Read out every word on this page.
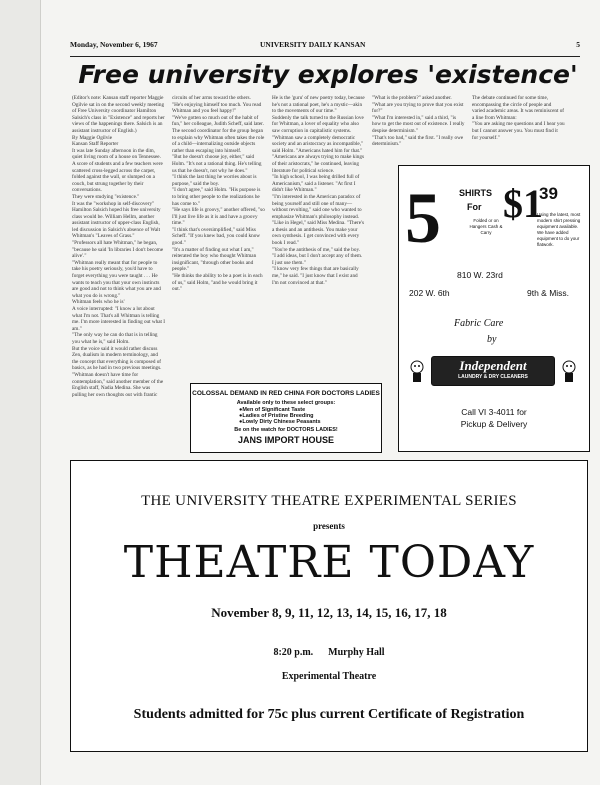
Monday, November 6, 1967	UNIVERSITY DAILY KANSAN	5
Free university explores 'existence'
(Editor's note: Kansan staff reporter Maggie Ogilvie sat in on the second weekly meeting of Free University coordinator Hamilton Salsich's class in "Existence" and reports her views of the happenings there. Salsich is an assistant instructor of English.)
By Maggie Ogilvie
Kansan Staff Reporter
It was late Sunday afternoon in the dim, quiet living room of a house on Tennessee. A score of students and a few teachers were scattered cross-legged across the carpet, folded against the wall, or slumped on a couch, but strung together by their conversations.
They were studying "existence."
It was the "workshop in self-discovery" Hamilton Salsich hoped his free university class would be. William Hellm, another assistant instructor of upper-class English, led discussion in Salsich's absence of Walt Whitman's "Leaves of Grass."
"Professors all hate Whitman," he began, "because he said 'In libraries I don't become alive'."
"Whitman really meant that for people to take his poetry seriously, you'd have to forget everything you were taught . . . He wants to teach you that your own instincts are good and not to think what you are and what you do is wrong."
Whitman feels who he is'
A voice interrupted: "I know a lot about what I'm not. That's all Whitman is telling me. I'm more interested in finding out what I am."
"The only way he can do that is in telling you what he is," said Holm.
But the voice said it would rather discuss Zen, dualism in modern terminology, and the concept that everything is composed of basics, as he had in two previous meetings.
"Whitman doesn't have time for contemplation," said another member of the English staff, Nadia Medina. She was pulling her own thoughts out with frantic
circuits of her arms toward the others.
"He's enjoying himself too much. You read Whitman and you feel happy!"
"We've gotten so much out of the habit of fun," her colleague, Judith Scheff, said later.
The second coordinator for the group began to explain why Whitman often takes the role of a child—internalizing outside objects rather than escaping into himself.
"But he doesn't choose joy, either," said Holm. "It's not a rational thing. He's telling us that he doesn't, not why he does."
"I think the last thing he worries about is purpose," said the boy.
"I don't agree," said Holm. "His purpose is to bring other people to the realizations he has come to."
"He says life is groovy," another offered, "so I'll just live life as it is and have a groovy time."
"I think that's oversimplified," said Miss Scheff. "If you knew bad, you could know good."
"It's a matter of finding out what I am," reiterated the boy who thought Whitman insignificant, "through other books and people."
"He thinks the ability to be a poet is in each of us," said Holm, "and he would bring it out."
He is the 'guru' of new poetry today, because he's not a rational poet, he's a mystic—akin to the movements of our time."
Suddenly the talk turned to the Russian love for Whitman, a lover of equality who also saw corruption in capitalistic systems.
"Whitman saw a completely democratic society and an aristocracy as incompatible," said Holm. "Americans hated him for that."
"Americans are always trying to make kings of their aristocrats," he continued, leaving literature for political science.
"In high school, I was being drilled full of Americanism," said a listener. "At first I didn't like Whitman."
"I'm interested in the American paradox of being yourself and still one of many—without revolting," said one who wanted to emphasize Whitman's philosophy instead.
"Like in Hegel," said Miss Medina. "There's a thesis and an antithesis. You make your own synthesis. I get convinced with every book I read."
"You're the antithesis of me," said the boy. "I add ideas, but I don't accept any of them. I just use them."
"I know very few things that are basically me," he said. "I just know that I exist and I'm not convinced at that."
"What is the problem?" asked another. "What are you trying to prove that you exist for?"
"What I'm interested in," said a third, "is how to get the most out of existence. I really despise determinism."
"That's too bad," said the first. "I really owe determinism."
The debate continued for some time, encompassing the circle of people and varied academic areas. It was reminiscent of a line from Whitman:
"You are asking me questions and I hear you but I cannot answer you. You must find it for yourself."
COLOSSAL DEMAND IN RED CHINA FOR DOCTORS LADIES
Available only to these select groups:
● Men of Significant Taste
● Ladies of Pristine Breeding
● Lowly Dirty Chinese Peasants
Be on the watch for DOCTORS LADIES!
JANS IMPORT HOUSE
5 SHIRTS
For
Folded or on Hangers Cash & Carry
$1
39
Using the latest, most modern shirt pressing equipment available. We have added equipment to do your flatwork.
810 W. 23rd
202 W. 6th	9th & Miss.
Fabric Care
by
Independent
LAUNDRY & DRY CLEANERS
Call VI 3-4011 for
Pickup & Delivery
THE UNIVERSITY THEATRE EXPERIMENTAL SERIES
presents
THEATRE TODAY
November 8, 9, 11, 12, 13, 14, 15, 16, 17, 18
8:20 p.m.      Murphy Hall
Experimental Theatre
Students admitted for 75c plus current Certificate of Registration
